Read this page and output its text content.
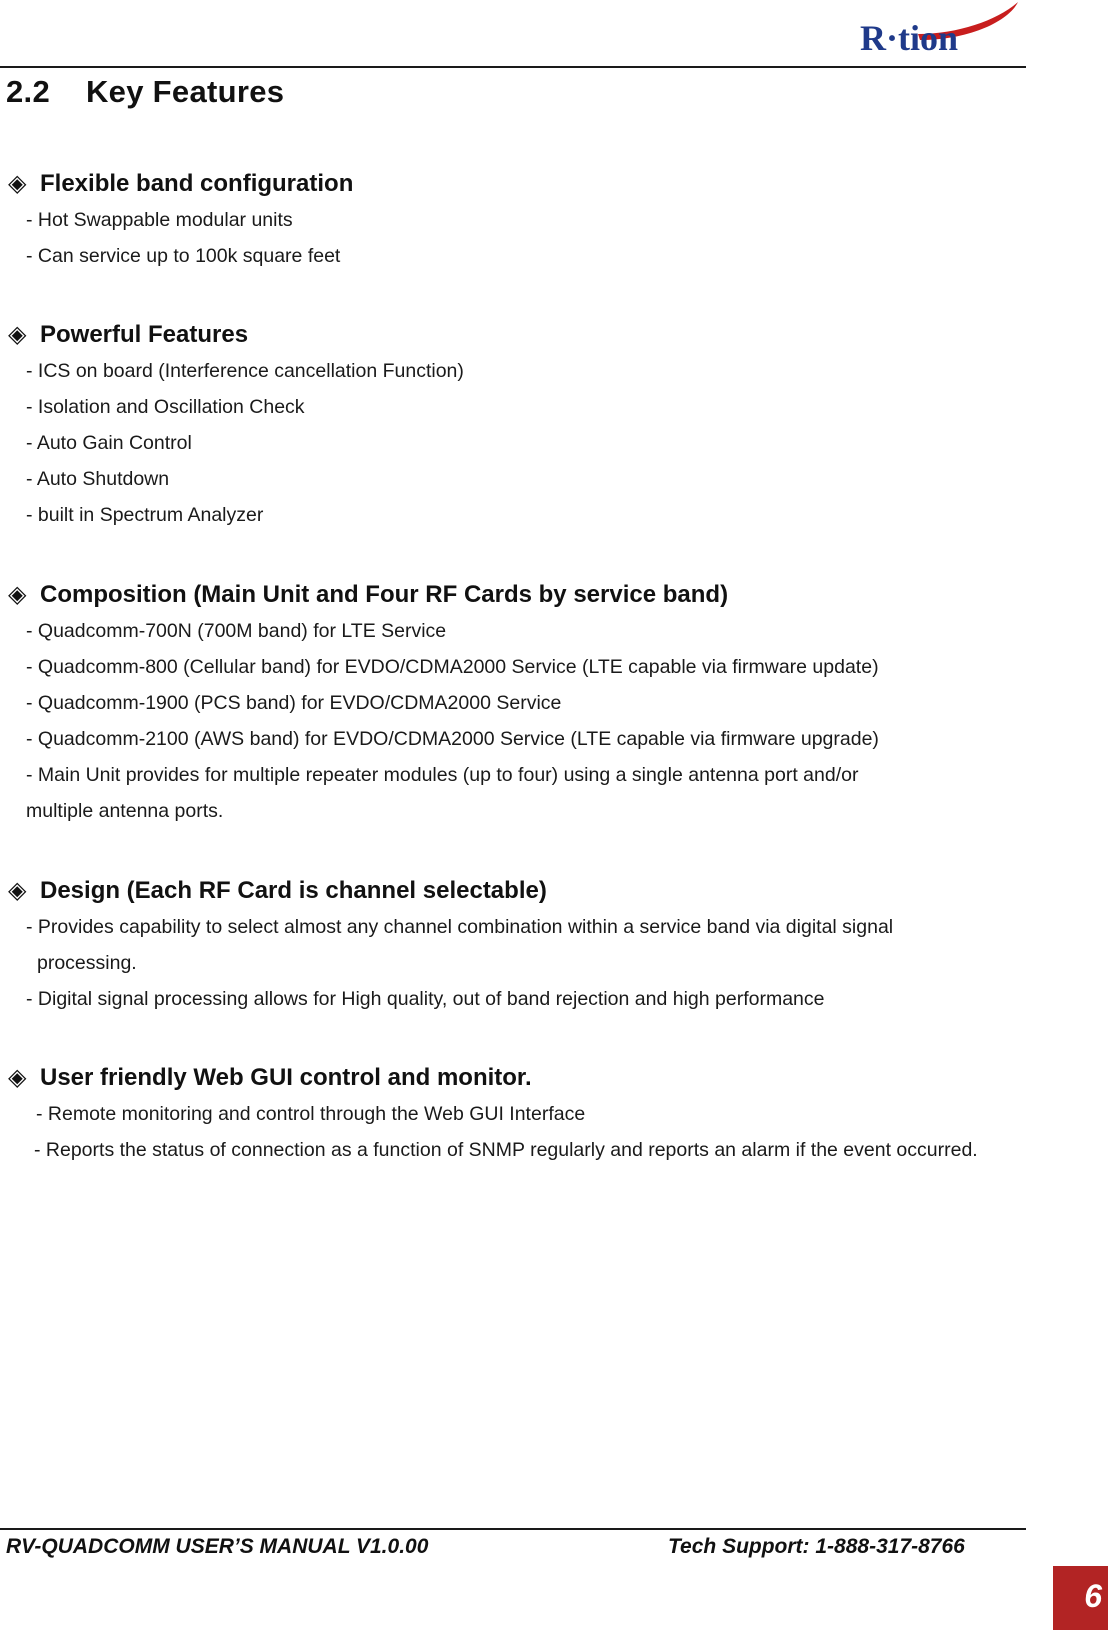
R·tion
2.2 Key Features
◈ Flexible band configuration
- Hot Swappable modular units
- Can service up to 100k square feet
◈ Powerful Features
- ICS on board (Interference cancellation Function)
- Isolation and Oscillation Check
- Auto Gain Control
- Auto Shutdown
- built in Spectrum Analyzer
◈ Composition (Main Unit and Four RF Cards by service band)
- Quadcomm-700N (700M band) for LTE Service
- Quadcomm-800 (Cellular band) for EVDO/CDMA2000 Service (LTE capable via firmware update)
- Quadcomm-1900 (PCS band) for EVDO/CDMA2000 Service
- Quadcomm-2100 (AWS band) for EVDO/CDMA2000 Service (LTE capable via firmware upgrade)
- Main Unit provides for multiple repeater modules (up to four) using a single antenna port and/or
multiple antenna ports.
◈ Design (Each RF Card is channel selectable)
- Provides capability to select almost any channel combination within a service band via digital signal
processing.
- Digital signal processing allows for High quality, out of band rejection and high performance
◈ User friendly Web GUI control and monitor.
- Remote monitoring and control through the Web GUI Interface
- Reports the status of connection as a function of SNMP regularly and reports an alarm if the event occurred.
RV-QUADCOMM USER’S MANUAL V1.0.00	Tech Support: 1-888-317-8766
6
